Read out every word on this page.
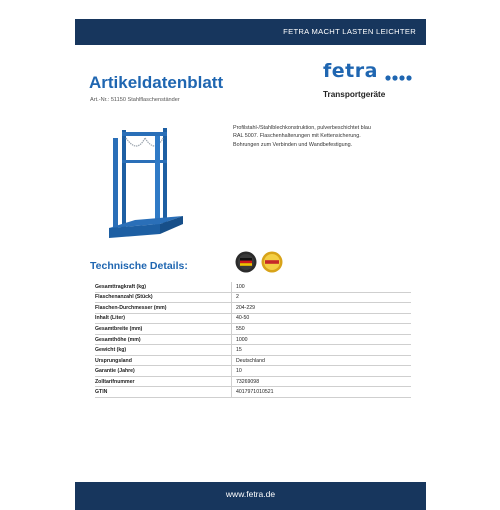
FETRA MACHT LASTEN LEICHTER
Artikeldatenblatt
Art.-Nr.: 51150 Stahlflaschenständer
fetra
Transportgeräte
Profilstahl-/Stahlblechkonstruktion, pulverbeschichtet blau
RAL 5007. Flaschenhalterungen mit Kettensicherung.
Bohrungen zum Verbinden und Wandbefestigung.
Technische Details:
Gesamttragkraft (kg)	100
Flaschenanzahl (Stück)	2
Flaschen-Durchmesser (mm)	204-229
Inhalt (Liter)	40-50
Gesamtbreite (mm)	550
Gesamthöhe (mm)	1000
Gewicht (kg)	15
Ursprungsland	Deutschland
Garantie (Jahre)	10
Zolltarifnummer	73269098
GTIN	4017971010521
www.fetra.de
